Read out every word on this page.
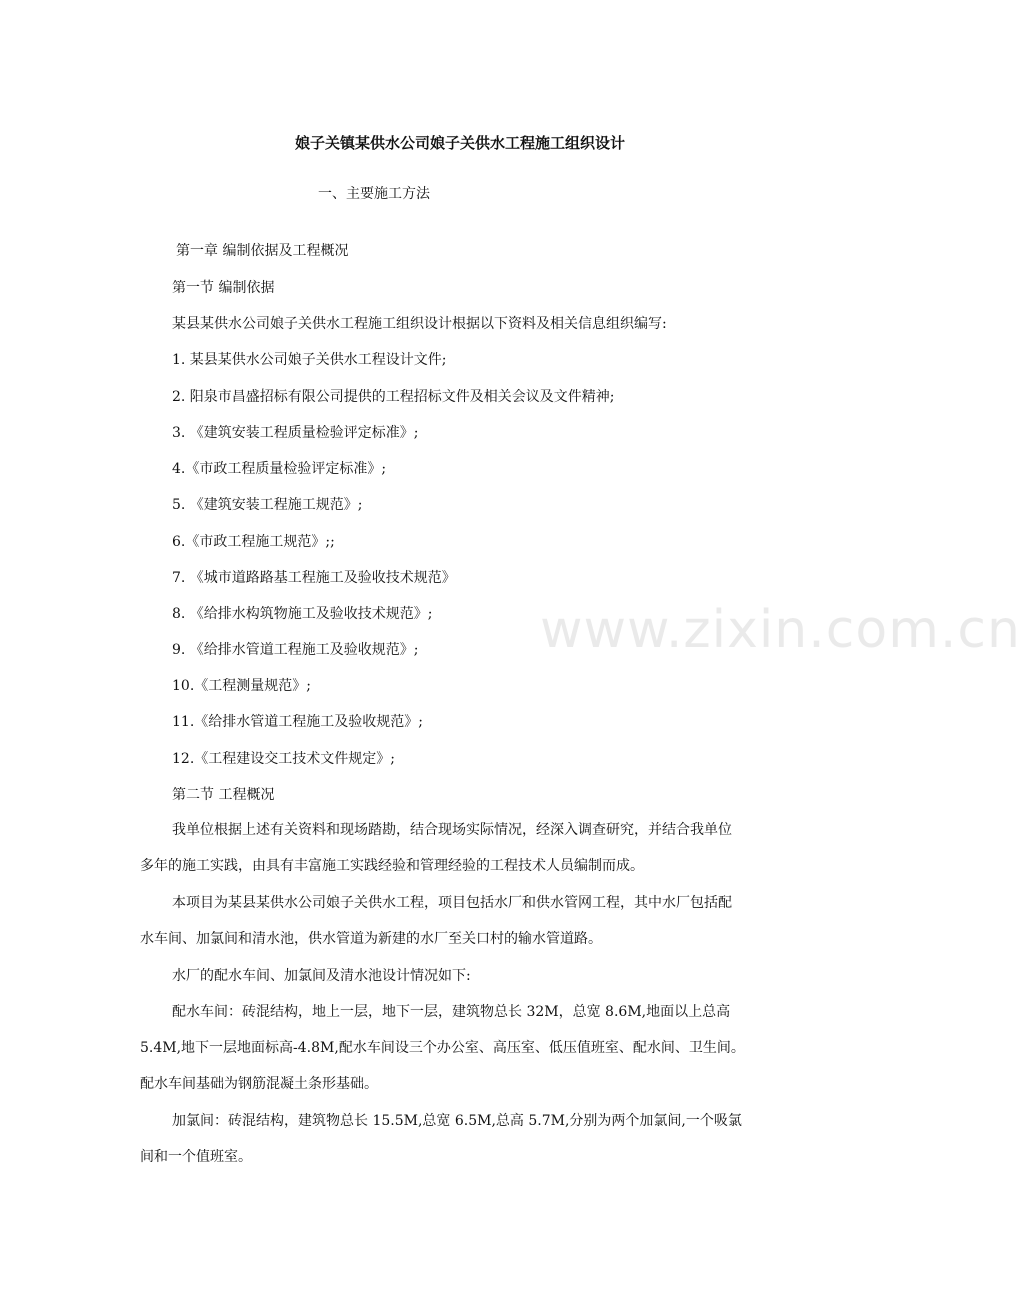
www.zixin.com.cn
娘子关镇某供水公司娘子关供水工程施工组织设计
一、主要施工方法
第一章 编制依据及工程概况
第一节 编制依据
某县某供水公司娘子关供水工程施工组织设计根据以下资料及相关信息组织编写:
1. 某县某供水公司娘子关供水工程设计文件;
2. 阳泉市昌盛招标有限公司提供的工程招标文件及相关会议及文件精神;
3. 《建筑安装工程质量检验评定标准》;
4.《市政工程质量检验评定标准》;
5. 《建筑安装工程施工规范》;
6.《市政工程施工规范》;;
7. 《城市道路路基工程施工及验收技术规范》
8. 《给排水构筑物施工及验收技术规范》;
9. 《给排水管道工程施工及验收规范》;
10.《工程测量规范》;
11.《给排水管道工程施工及验收规范》;
12.《工程建设交工技术文件规定》;
第二节 工程概况
我单位根据上述有关资料和现场踏勘，结合现场实际情况，经深入调查研究，并结合我单位
多年的施工实践，由具有丰富施工实践经验和管理经验的工程技术人员编制而成。
本项目为某县某供水公司娘子关供水工程，项目包括水厂和供水管网工程，其中水厂包括配
水车间、加氯间和清水池，供水管道为新建的水厂至关口村的输水管道路。
水厂的配水车间、加氯间及清水池设计情况如下:
配水车间：砖混结构，地上一层，地下一层，建筑物总长 32M，总宽 8.6M,地面以上总高
5.4M,地下一层地面标高-4.8M,配水车间设三个办公室、高压室、低压值班室、配水间、卫生间。
配水车间基础为钢筋混凝土条形基础。
加氯间：砖混结构，建筑物总长 15.5M,总宽 6.5M,总高 5.7M,分别为两个加氯间,一个吸氯
间和一个值班室。
